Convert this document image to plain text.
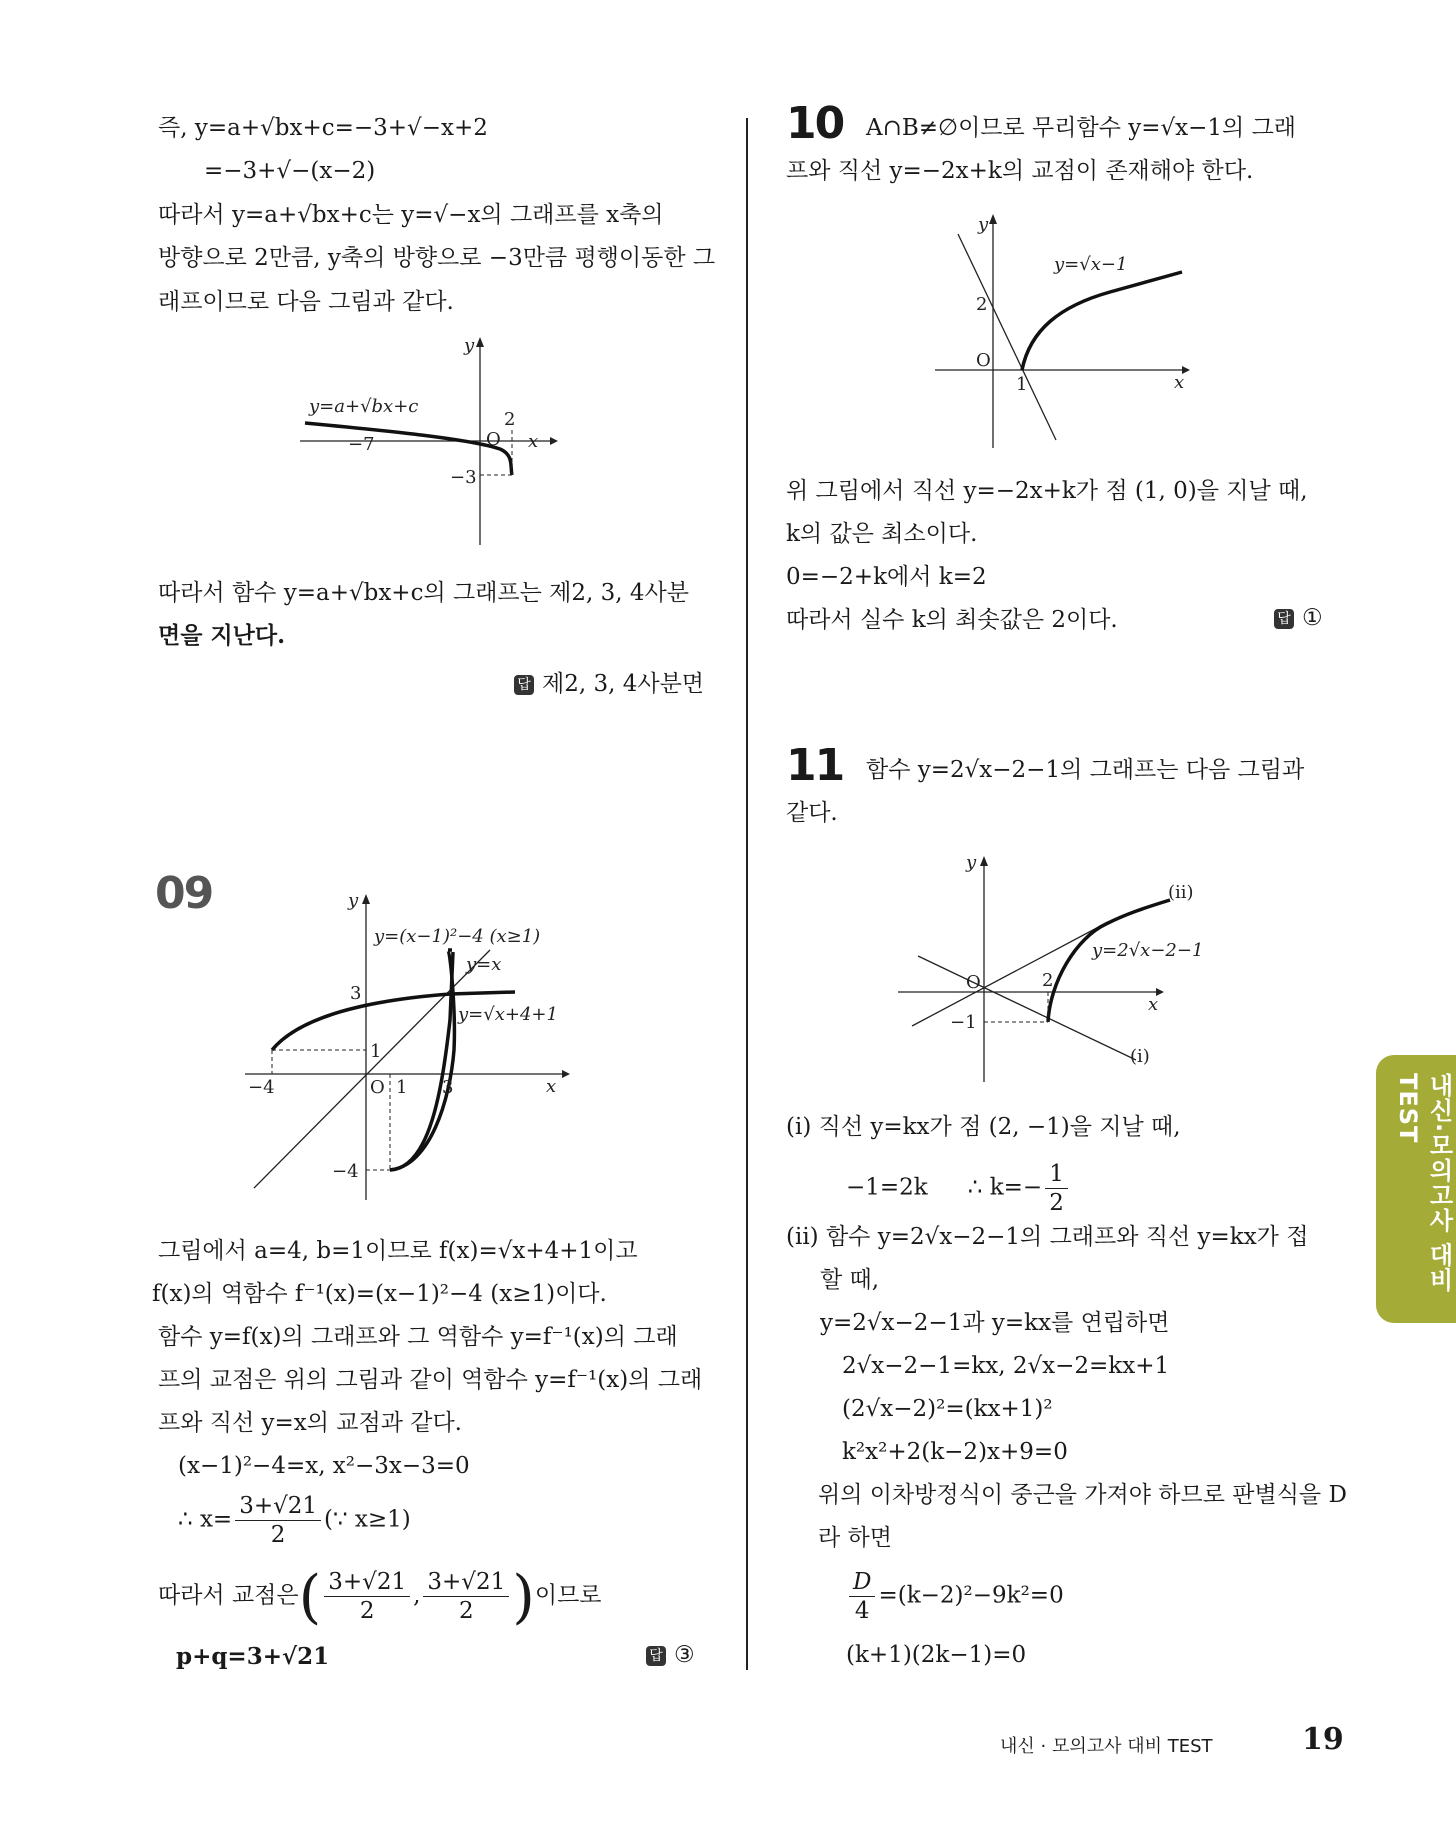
즉, y=a+√bx+c=−3+√−x+2
=−3+√−(x−2)
따라서 y=a+√bx+c는 y=√−x의 그래프를 x축의
방향으로 2만큼, y축의 방향으로 −3만큼 평행이동한 그
래프이므로 다음 그림과 같다.
y=a+√bx+c
y
x
O
2
−7
−3
따라서 함수 y=a+√bx+c의 그래프는 제2, 3, 4사분
면을 지난다.
답 제2, 3, 4사분면
09
y=(x−1)²−4 (x≥1)
y=x
y=√x+4+1
y
x
O
3
1
−4	1 3
−4
그림에서 a=4, b=1이므로 f(x)=√x+4+1이고
f(x)의 역함수 f⁻¹(x)=(x−1)²−4 (x≥1)이다.
함수 y=f(x)의 그래프와 그 역함수 y=f⁻¹(x)의 그래
프의 교점은 위의 그림과 같이 역함수 y=f⁻¹(x)의 그래
프와 직선 y=x의 교점과 같다.
(x−1)²−4=x, x²−3x−3=0
∴ $x= \frac{3+√21}{2}$ (∵ x≥1)
따라서 교점은( $\frac{3+√21}{2}$ , $\frac{3+√21}{2}$ )이므로
p+q=3+√21	답 ③
10 A∩B≠∅이므로 무리함수 y=√x−1의 그래
프와 직선 y=−2x+k의 교점이 존재해야 한다.
y=√x−1
y
x
O
2
1
위 그림에서 직선 y=−2x+k가 점 (1, 0)을 지날 때,
k의 값은 최소이다.
0=−2+k에서 k=2
따라서 실수 k의 최솟값은 2이다.	답 ①
11 함수 y=2√x−2−1의 그래프는 다음 그림과
같다.
y=2√x−2−1
(ii)
(i)
y
x
O	2
−1
(i) 직선 y=kx가 점 (2, −1)을 지날 때,
−1=2k ∴ $k=- \frac{1}{2}$
(ii) 함수 y=2√x−2−1의 그래프와 직선 y=kx가 접
할 때,
y=2√x−2−1과 y=kx를 연립하면
2√x−2−1=kx, 2√x−2=kx+1
(2√x−2)²=(kx+1)²
k²x²+2(k−2)x+9=0
위의 이차방정식이 중근을 가져야 하므로 판별식을 D
라 하면
$\frac{D}{4} =(k-2)^2-9k^2=0$
(k+1)(2k−1)=0
내신·모의고사 대비 TEST
내신 · 모의고사 대비 TEST	19
